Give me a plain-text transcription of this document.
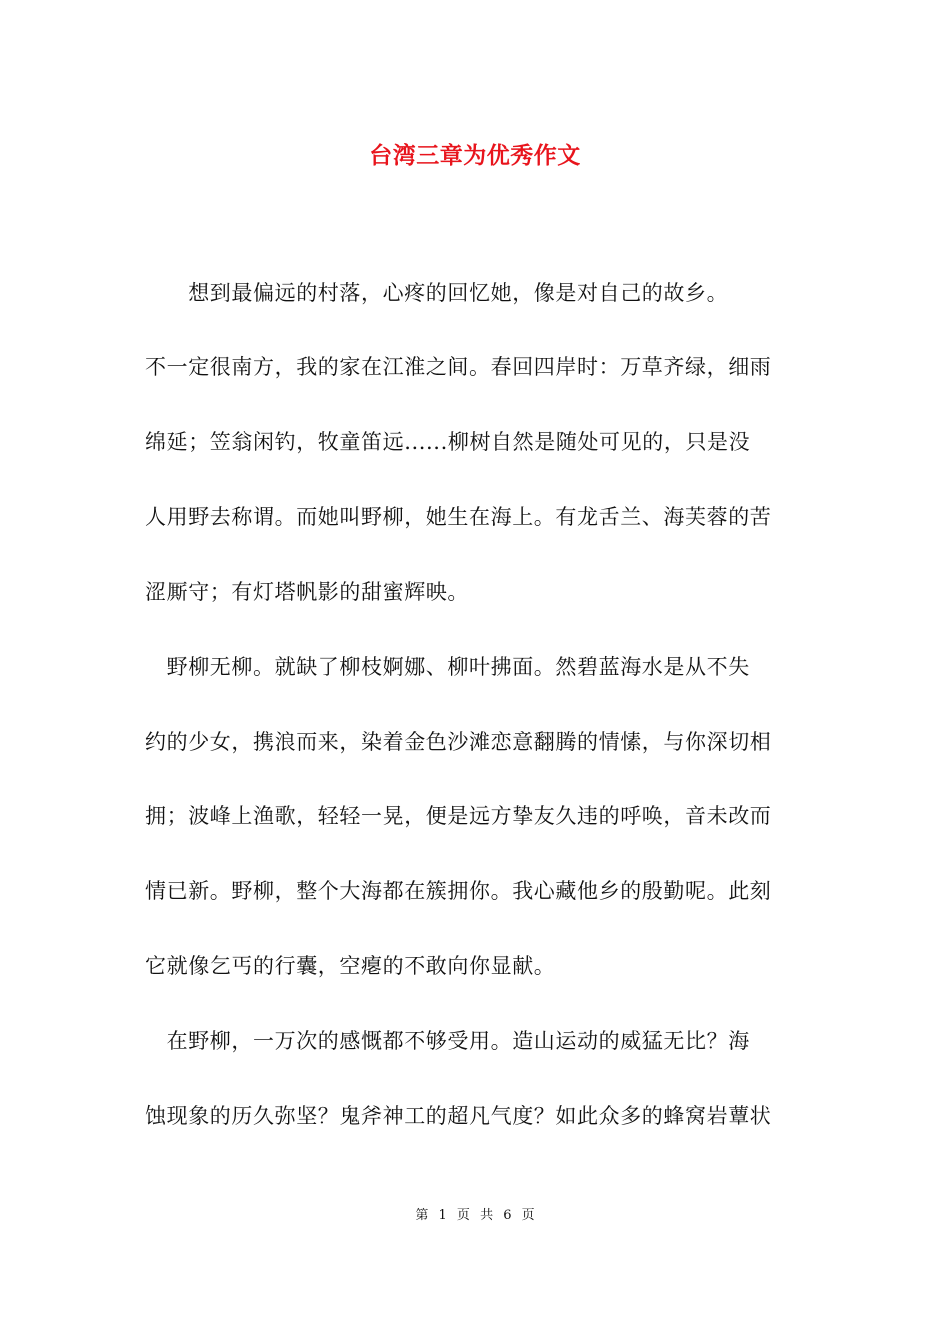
台湾三章为优秀作文
　　想到最偏远的村落，心疼的回忆她，像是对自己的故乡。
不一定很南方，我的家在江淮之间。春回四岸时：万草齐绿，细雨
绵延；笠翁闲钓，牧童笛远......柳树自然是随处可见的，只是没
人用野去称谓。而她叫野柳，她生在海上。有龙舌兰、海芙蓉的苦
涩厮守；有灯塔帆影的甜蜜辉映。
　野柳无柳。就缺了柳枝婀娜、柳叶拂面。然碧蓝海水是从不失
约的少女，携浪而来，染着金色沙滩恋意翻腾的情愫，与你深切相
拥；波峰上渔歌，轻轻一晃，便是远方挚友久违的呼唤，音未改而
情已新。野柳，整个大海都在簇拥你。我心藏他乡的殷勤呢。此刻
它就像乞丐的行囊，空瘪的不敢向你显献。
　在野柳，一万次的感慨都不够受用。造山运动的威猛无比？海
蚀现象的历久弥坚？鬼斧神工的超凡气度？如此众多的蜂窝岩蕈状
第 1 页 共 6 页
